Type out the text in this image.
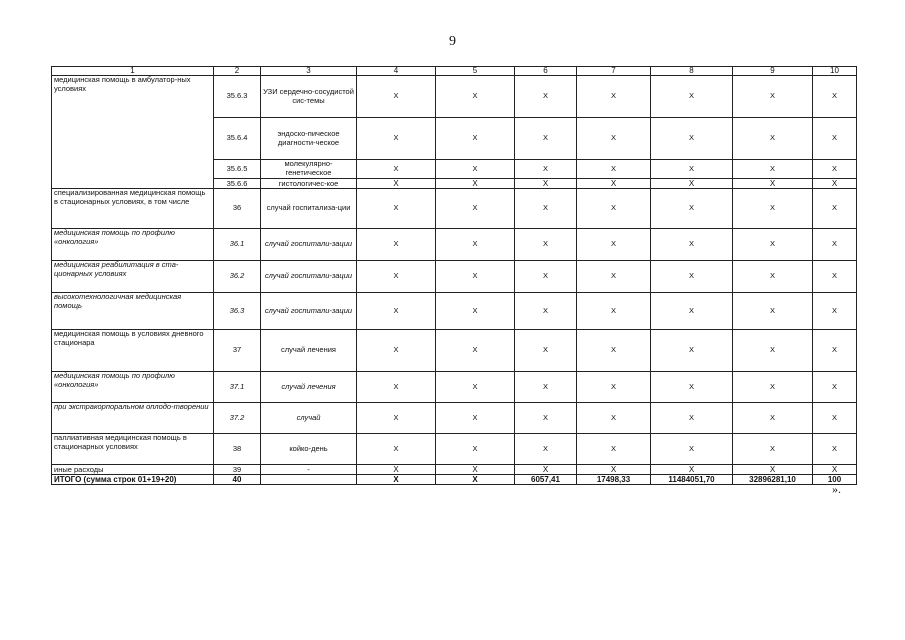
9
1	2	3	4	5	6	7	8	9	10
медицинская помощь в амбулатор-ных условиях	35.6.3	УЗИ сердечно-сосудистой сис-темы	X	X	X	X	X	X	X
	35.6.4	эндоско-пическое диагности-ческое	X	X	X	X	X	X	X
	35.6.5	молекулярно-генетическое	X	X	X	X	X	X	X
	35.6.6	гистологичес-кое	X	X	X	X	X	X	X
специализированная медицинская помощь в стационарных условиях, в том числе	36	случай госпитализа-ции	X	X	X	X	X	X	X
медицинская помощь по профилю «онкология»	36.1	случай госпитали-зации	X	X	X	X	X	X	X
медицинская реабилитация в ста-ционарных условиях	36.2	случай госпитали-зации	X	X	X	X	X	X	X
высокотехнологичная медицинская помощь	36.3	случай госпитали-зации	X	X	X	X	X	X	X
медицинская помощь в условиях дневного стационара	37	случай лечения	X	X	X	X	X	X	X
медицинская помощь по профилю «онкология»	37.1	случай лечения	X	X	X	X	X	X	X
при экстракорпоральном оплодо-творении	37.2	случай	X	X	X	X	X	X	X
паллиативная медицинская помощь в стационарных условиях	38	койко-день	X	X	X	X	X	X	X
иные расходы	39	-	X	X	X	X	X	X	X
ИТОГО (сумма строк 01+19+20)	40		X	X	6057,41	17498,33	11484051,70	32896281,10	100
».
